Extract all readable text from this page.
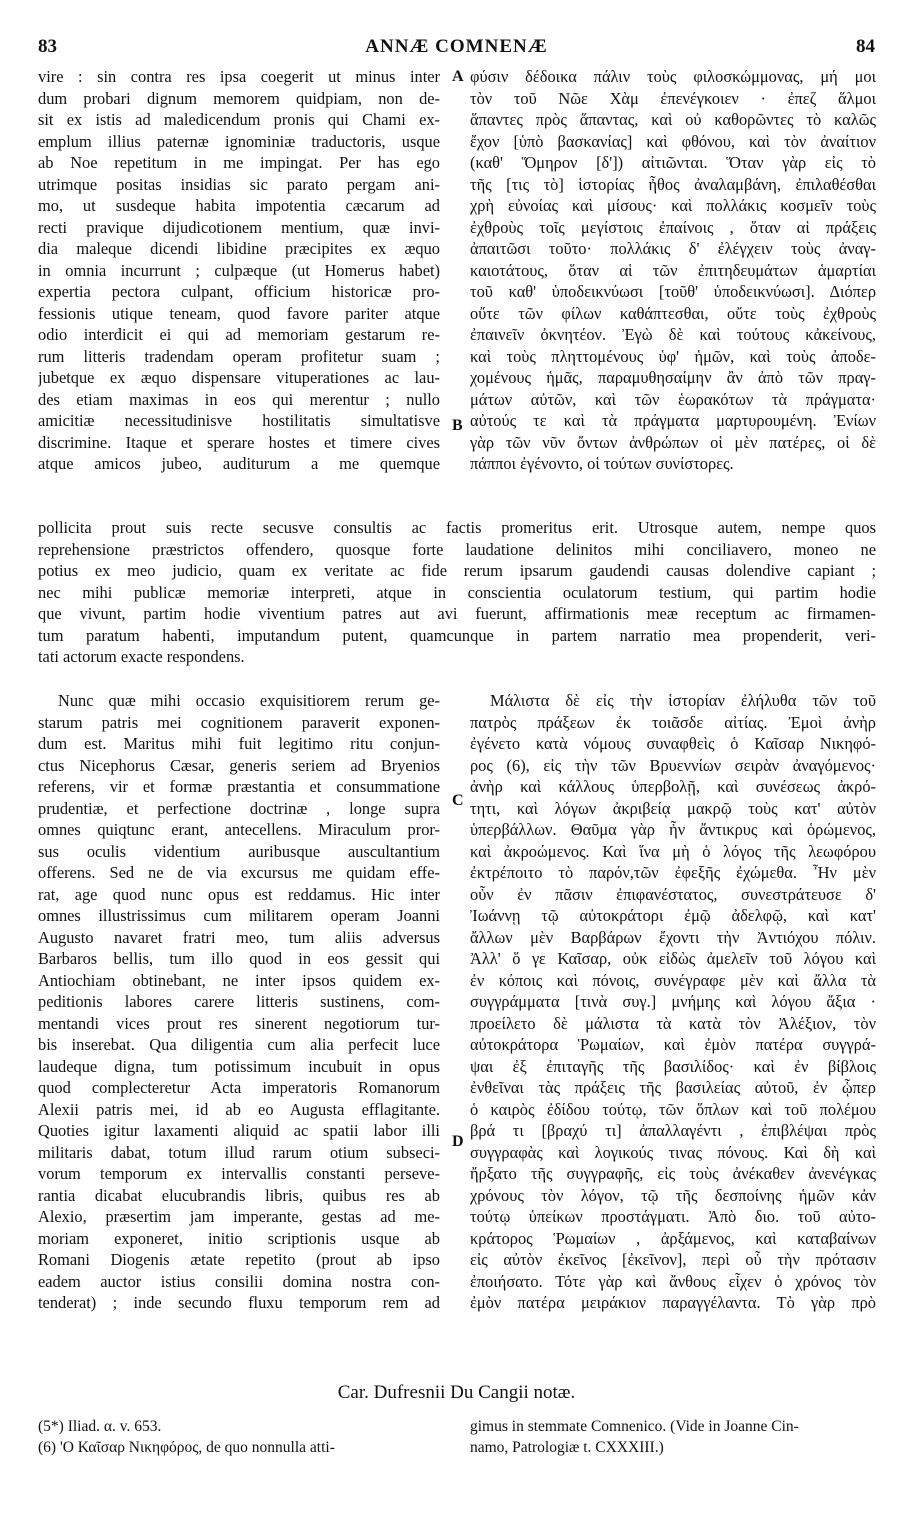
83	ANNÆ COMNENÆ	84
vire : sin contra res ipsa coegerit ut minus inter
dum probari dignum memorem quidpiam, non de-
sit ex istis ad maledicendum pronis qui Chami ex-
emplum illius paternæ ignominiæ traductoris, usque
ab Noe repetitum in me impingat. Per has ego
utrimque positas insidias sic parato pergam ani-
mo, ut susdeque habita impotentia cæcarum ad
recti pravique dijudicotionem mentium, quæ invi-
dia maleque dicendi libidine præcipites ex æquo
in omnia incurrunt ; culpæque (ut Homerus habet)
expertia pectora culpant, officium historicæ pro-
fessionis utique teneam, quod favore pariter atque
odio interdicit ei qui ad memoriam gestarum re-
rum litteris tradendam operam profitetur suam ;
jubetque ex æquo dispensare vituperationes ac lau-
des etiam maximas in eos qui merentur ; nullo
amicitiæ necessitudinisve hostilitatis simultatisve
discrimine. Itaque et sperare hostes et timere cives
atque amicos jubeo, auditurum a me quemque
φύσιν δέδοικα πάλιν τοὺς φιλοσκώμμονας, μή μοι
τὸν τοῦ Νῶε Χὰμ ἐπενέγκοιεν · ἐπεζ ἅλμοι
ἅπαντες πρὸς ἅπαντας, καὶ οὐ καθορῶντες τὸ καλῶς
ἔχον [ὑπὸ βασκανίας] καὶ φθόνου, καὶ τὸν ἀναίτιον
(καθ' Ὅμηρον [δ']) αἰτιῶνται. Ὅταν γὰρ εἰς τὸ
τῆς [τις τὸ] ἱστορίας ἦθος ἀναλαμβάνη, ἐπιλαθέσθαι
χρὴ εὐνοίας καὶ μίσους· καὶ πολλάκις κοσμεῖν τοὺς
ἐχθροὺς τοῖς μεγίστοις ἐπαίνοις , ὅταν αἱ πράξεις
ἀπαιτῶσι τοῦτο· πολλάκις δ' ἐλέγχειν τοὺς ἀναγ-
καιοτάτους, ὅταν αἱ τῶν ἐπιτηδευμάτων ἁμαρτίαι
τοῦ καθ' ὑποδεικνύωσι [τοῦθ' ὑποδεικνύωσι]. Διόπερ
οὔτε τῶν φίλων καθάπτεσθαι, οὔτε τοὺς ἐχθροὺς
ἐπαινεῖν ὀκνητέον. Ἐγὼ δὲ καὶ τούτους κἀκείνους,
καὶ τοὺς πληττομένους ὑφ' ἡμῶν, καὶ τοὺς ἀποδε-
χομένους ἡμᾶς, παραμυθησαίμην ἂν ἀπὸ τῶν πραγ-
μάτων αὐτῶν, καὶ τῶν ἑωρακότων τὰ πράγματα·
αὐτούς τε καὶ τὰ πράγματα μαρτυρουμένη. Ἐνίων
γὰρ τῶν νῦν ὄντων ἀνθρώπων οἱ μὲν πατέρες, οἱ δὲ
πάπποι ἐγένοντο, οἱ τούτων συνίστορες.
pollicita prout suis recte secusve consultis ac factis promeritus erit. Utrosque autem, nempe quos
reprehensione præstrictos offendero, quosque forte laudatione delinitos mihi conciliavero, moneo ne
potius ex meo judicio, quam ex veritate ac fide rerum ipsarum gaudendi causas dolendive capiant ;
nec mihi publicæ memoriæ interpreti, atque in conscientia oculatorum testium, qui partim hodie
que vivunt, partim hodie viventium patres aut avi fuerunt, affirmationis meæ receptum ac firmamen-
tum paratum habenti, imputandum putent, quamcunque in partem narratio mea propenderit, veri-
tati actorum exacte respondens.
Nunc quæ mihi occasio exquisitiorem rerum ge-
starum patris mei cognitionem paraverit exponen-
dum est. Maritus mihi fuit legitimo ritu conjun-
ctus Nicephorus Cæsar, generis seriem ad Bryenios
referens, vir et formæ præstantia et consummatione
prudentiæ, et perfectione doctrinæ , longe supra
omnes quiqtunc erant, antecellens. Miraculum pror-
sus oculis videntium auribusque auscultantium
offerens. Sed ne de via excursus me quidam effe-
rat, age quod nunc opus est reddamus. Hic inter
omnes illustrissimus cum militarem operam Joanni
Augusto navaret fratri meo, tum aliis adversus
Barbaros bellis, tum illo quod in eos gessit qui
Antiochiam obtinebant, ne inter ipsos quidem ex-
peditionis labores carere litteris sustinens, com-
mentandi vices prout res sinerent negotiorum tur-
bis inserebat. Qua diligentia cum alia perfecit luce
laudeque digna, tum potissimum incubuit in opus
quod complecteretur Acta imperatoris Romanorum
Alexii patris mei, id ab eo Augusta efflagitante.
Quoties igitur laxamenti aliquid ac spatii labor illi
militaris dabat, totum illud rarum otium subseci-
vorum temporum ex intervallis constanti perseve-
rantia dicabat elucubrandis libris, quibus res ab
Alexio, præsertim jam imperante, gestas ad me-
moriam exponeret, initio scriptionis usque ab
Romani Diogenis ætate repetito (prout ab ipso
eadem auctor istius consilii domina nostra con-
tenderat) ; inde secundo fluxu temporum rem ad
Μάλιστα δὲ εἰς τὴν ἱστορίαν ἐλήλυθα τῶν τοῦ
πατρὸς πράξεων ἐκ τοιᾶσδε αἰτίας. Ἐμοὶ ἀνὴρ
ἐγένετο κατὰ νόμους συναφθεὶς ὁ Καῖσαρ Νικηφό-
ρος (6), εἰς τὴν τῶν Βρυεννίων σειρὰν ἀναγόμενος·
ἀνὴρ καὶ κάλλους ὑπερβολῇ, καὶ συνέσεως ἀκρό-
τητι, καὶ λόγων ἀκριβείᾳ μακρῷ τοὺς κατ' αὐτὸν
ὑπερβάλλων. Θαῦμα γὰρ ἦν ἄντικρυς καὶ ὁρώμενος,
καὶ ἀκροώμενος. Καὶ ἵνα μὴ ὁ λόγος τῆς λεωφόρου
ἐκτρέποιτο τὸ παρόν,τῶν ἐφεξῆς ἐχώμεθα. Ἦν μὲν
οὖν ἐν πᾶσιν ἐπιφανέστατος, συνεστράτευσε δ'
Ἰωάννῃ τῷ αὐτοκράτορι ἐμῷ ἀδελφῷ, καὶ κατ'
ἄλλων μὲν Βαρβάρων ἔχοντι τὴν Ἀντιόχου πόλιν.
Ἀλλ' ὅ γε Καῖσαρ, οὐκ εἰδὼς ἀμελεῖν τοῦ λόγου καὶ
ἐν κόποις καὶ πόνοις, συνέγραφε μὲν καὶ ἄλλα τὰ
συγγράμματα [τινὰ συγ.] μνήμης καὶ λόγου ἄξια ·
προείλετο δὲ μάλιστα τὰ κατὰ τὸν Ἀλέξιον, τὸν
αὐτοκράτορα Ῥωμαίων, καὶ ἐμὸν πατέρα συγγρά-
ψαι ἐξ ἐπιταγῆς τῆς βασιλίδος· καὶ ἐν βίβλοις
ἐνθεῖναι τὰς πράξεις τῆς βασιλείας αὐτοῦ, ἐν ᾧπερ
ὁ καιρὸς ἐδίδου τούτῳ, τῶν ὅπλων καὶ τοῦ πολέμου
βρά τι [βραχύ τι] ἀπαλλαγέντι , ἐπιβλέψαι πρὸς
συγγραφὰς καὶ λογικούς τινας πόνους. Καὶ δὴ καὶ
ἤρξατο τῆς συγγραφῆς, εἰς τοὺς ἀνέκαθεν ἀνενέγκας
χρόνους τὸν λόγον, τῷ τῆς δεσποίνης ἡμῶν κἀν
τούτῳ ὑπείκων προστάγματι. Ἀπὸ διο. τοῦ αὐτο-
κράτορος Ῥωμαίων , ἀρξάμενος, καὶ καταβαίνων
εἰς αὐτὸν ἐκεῖνος [ἐκεῖνον], περὶ οὗ τὴν πρότασιν
ἐποιήσατο. Τότε γὰρ καὶ ἄνθους εἶχεν ὁ χρόνος τὸν
ἐμὸν πατέρα μειράκιον παραγγέλαντα. Τὸ γὰρ πρὸ
A
B
C
D
Car. Dufresnii Du Cangii notæ.
(5*) Iliad. α. v. 653.
(6) 'Ο Καῖσαρ Νικηφόρος, de quo nonnulla atti-
gimus in stemmate Comnenico. (Vide in Joanne Cin-
namo, Patrologiæ t. CXXXIII.)
